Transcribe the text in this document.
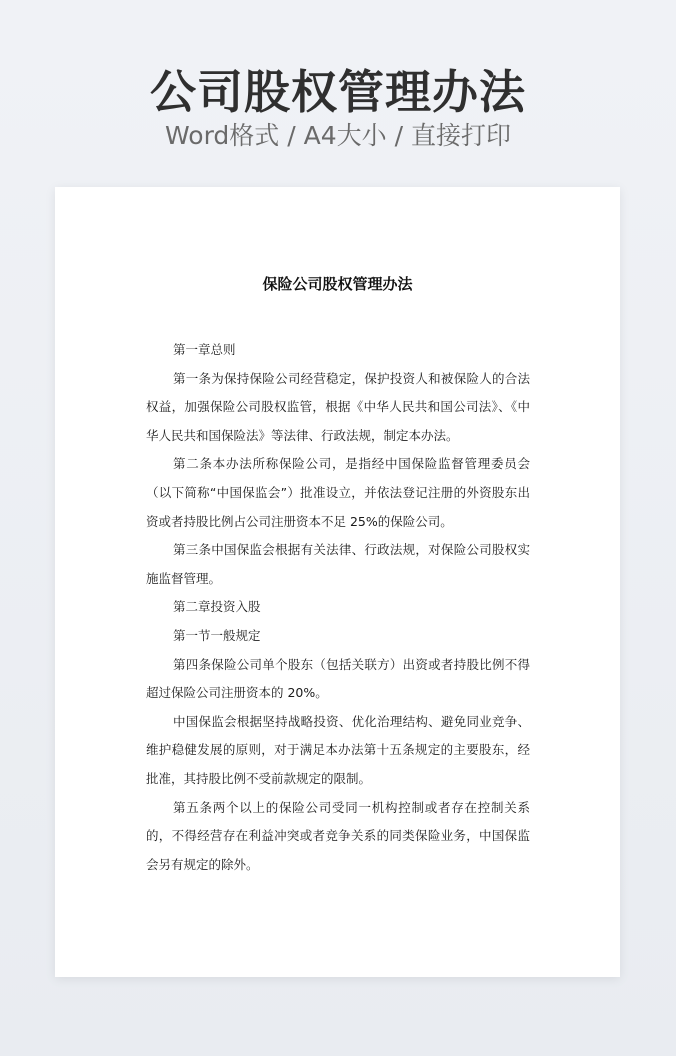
公司股权管理办法
Word格式 / A4大小 / 直接打印
保险公司股权管理办法

第一章总则

第一条为保持保险公司经营稳定，保护投资人和被保险人的合法权益，加强保险公司股权监管，根据《中华人民共和国公司法》、《中华人民共和国保险法》等法律、行政法规，制定本办法。

第二条本办法所称保险公司，是指经中国保险监督管理委员会（以下简称“中国保监会”）批准设立，并依法登记注册的外资股东出资或者持股比例占公司注册资本不足 25%的保险公司。

第三条中国保监会根据有关法律、行政法规，对保险公司股权实施监督管理。

第二章投资入股

第一节一般规定

第四条保险公司单个股东（包括关联方）出资或者持股比例不得超过保险公司注册资本的 20%。

中国保监会根据坚持战略投资、优化治理结构、避免同业竞争、维护稳健发展的原则，对于满足本办法第十五条规定的主要股东，经批准，其持股比例不受前款规定的限制。

第五条两个以上的保险公司受同一机构控制或者存在控制关系的，不得经营存在利益冲突或者竞争关系的同类保险业务，中国保监会另有规定的除外。
